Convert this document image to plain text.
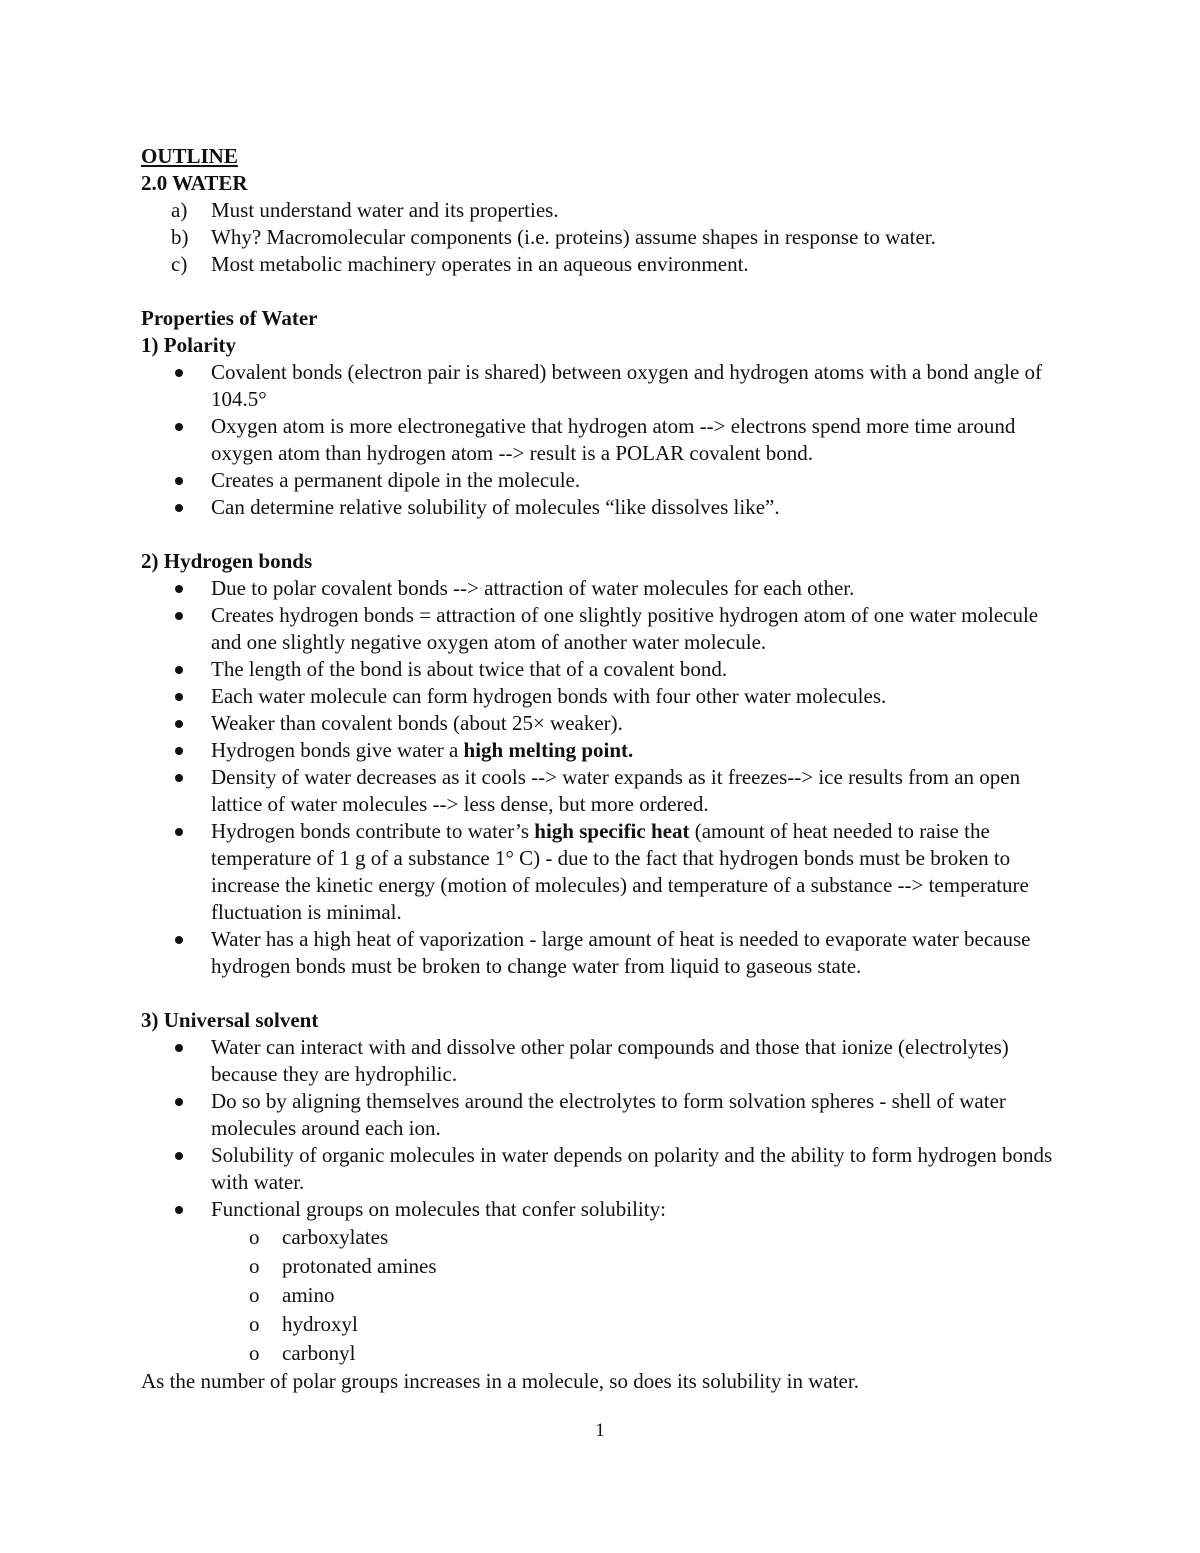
OUTLINE
2.0 WATER
a) Must understand water and its properties.
b) Why? Macromolecular components (i.e. proteins) assume shapes in response to water.
c) Most metabolic machinery operates in an aqueous environment.
Properties of Water
1) Polarity
Covalent bonds (electron pair is shared) between oxygen and hydrogen atoms with a bond angle of 104.5°
Oxygen atom is more electronegative that hydrogen atom --> electrons spend more time around oxygen atom than hydrogen atom --> result is a POLAR covalent bond.
Creates a permanent dipole in the molecule.
Can determine relative solubility of molecules “like dissolves like”.
2) Hydrogen bonds
Due to polar covalent bonds --> attraction of water molecules for each other.
Creates hydrogen bonds = attraction of one slightly positive hydrogen atom of one water molecule and one slightly negative oxygen atom of another water molecule.
The length of the bond is about twice that of a covalent bond.
Each water molecule can form hydrogen bonds with four other water molecules.
Weaker than covalent bonds (about 25× weaker).
Hydrogen bonds give water a high melting point.
Density of water decreases as it cools --> water expands as it freezes--> ice results from an open lattice of water molecules --> less dense, but more ordered.
Hydrogen bonds contribute to water’s high specific heat (amount of heat needed to raise the temperature of 1 g of a substance 1° C) - due to the fact that hydrogen bonds must be broken to increase the kinetic energy (motion of molecules) and temperature of a substance --> temperature fluctuation is minimal.
Water has a high heat of vaporization - large amount of heat is needed to evaporate water because hydrogen bonds must be broken to change water from liquid to gaseous state.
3) Universal solvent
Water can interact with and dissolve other polar compounds and those that ionize (electrolytes) because they are hydrophilic.
Do so by aligning themselves around the electrolytes to form solvation spheres - shell of water molecules around each ion.
Solubility of organic molecules in water depends on polarity and the ability to form hydrogen bonds with water.
Functional groups on molecules that confer solubility:
o carboxylates
o protonated amines
o amino
o hydroxyl
o carbonyl

As the number of polar groups increases in a molecule, so does its solubility in water.

1
